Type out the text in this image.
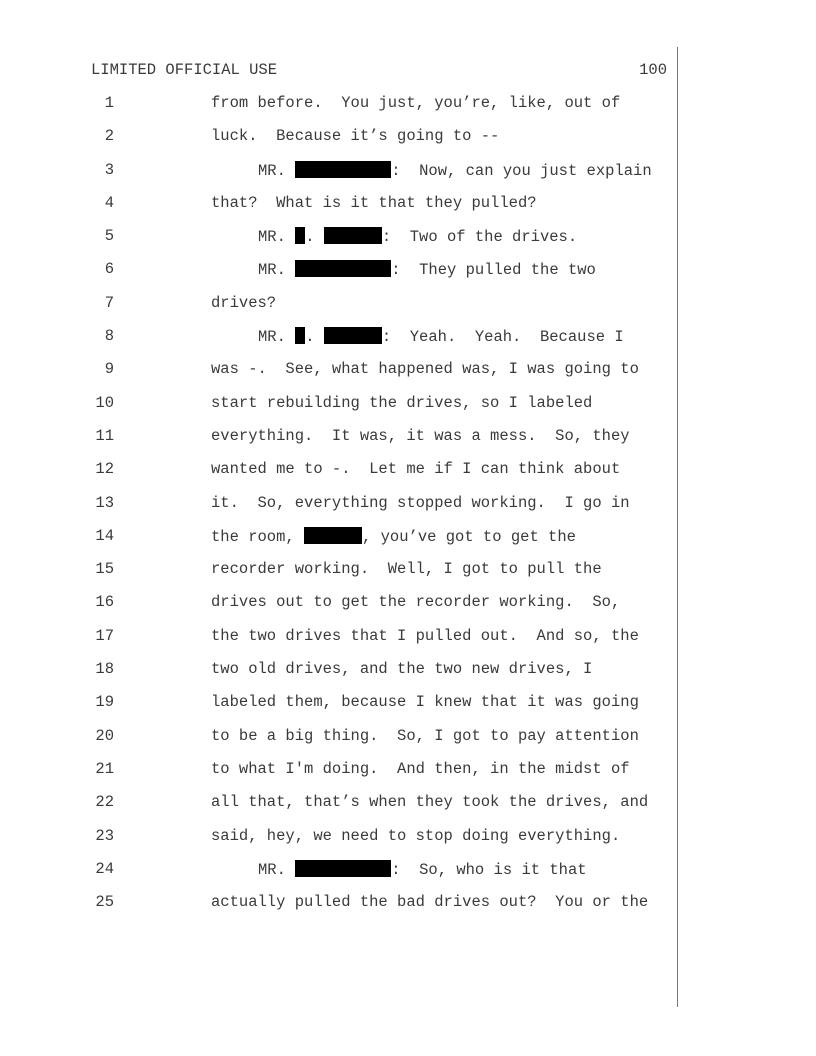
LIMITED OFFICIAL USE	100
1	from before.  You just, you’re, like, out of
2	luck.  Because it’s going to --
3	MR.	:  Now, can you just explain
4	that?  What is it that they pulled?
5	MR. .	:  Two of the drives.
6	MR.	:  They pulled the two
7	drives?
8	MR. .	:  Yeah.  Yeah.  Because I
9	was -.  See, what happened was, I was going to
10	start rebuilding the drives, so I labeled
11	everything.  It was, it was a mess.  So, they
12	wanted me to -.  Let me if I can think about
13	it.  So, everything stopped working.  I go in
14	the room,	, you’ve got to get the
15	recorder working.  Well, I got to pull the
16	drives out to get the recorder working.  So,
17	the two drives that I pulled out.  And so, the
18	two old drives, and the two new drives, I
19	labeled them, because I knew that it was going
20	to be a big thing.  So, I got to pay attention
21	to what I'm doing.  And then, in the midst of
22	all that, that’s when they took the drives, and
23	said, hey, we need to stop doing everything.
24	MR.	:  So, who is it that
25	actually pulled the bad drives out?  You or the
